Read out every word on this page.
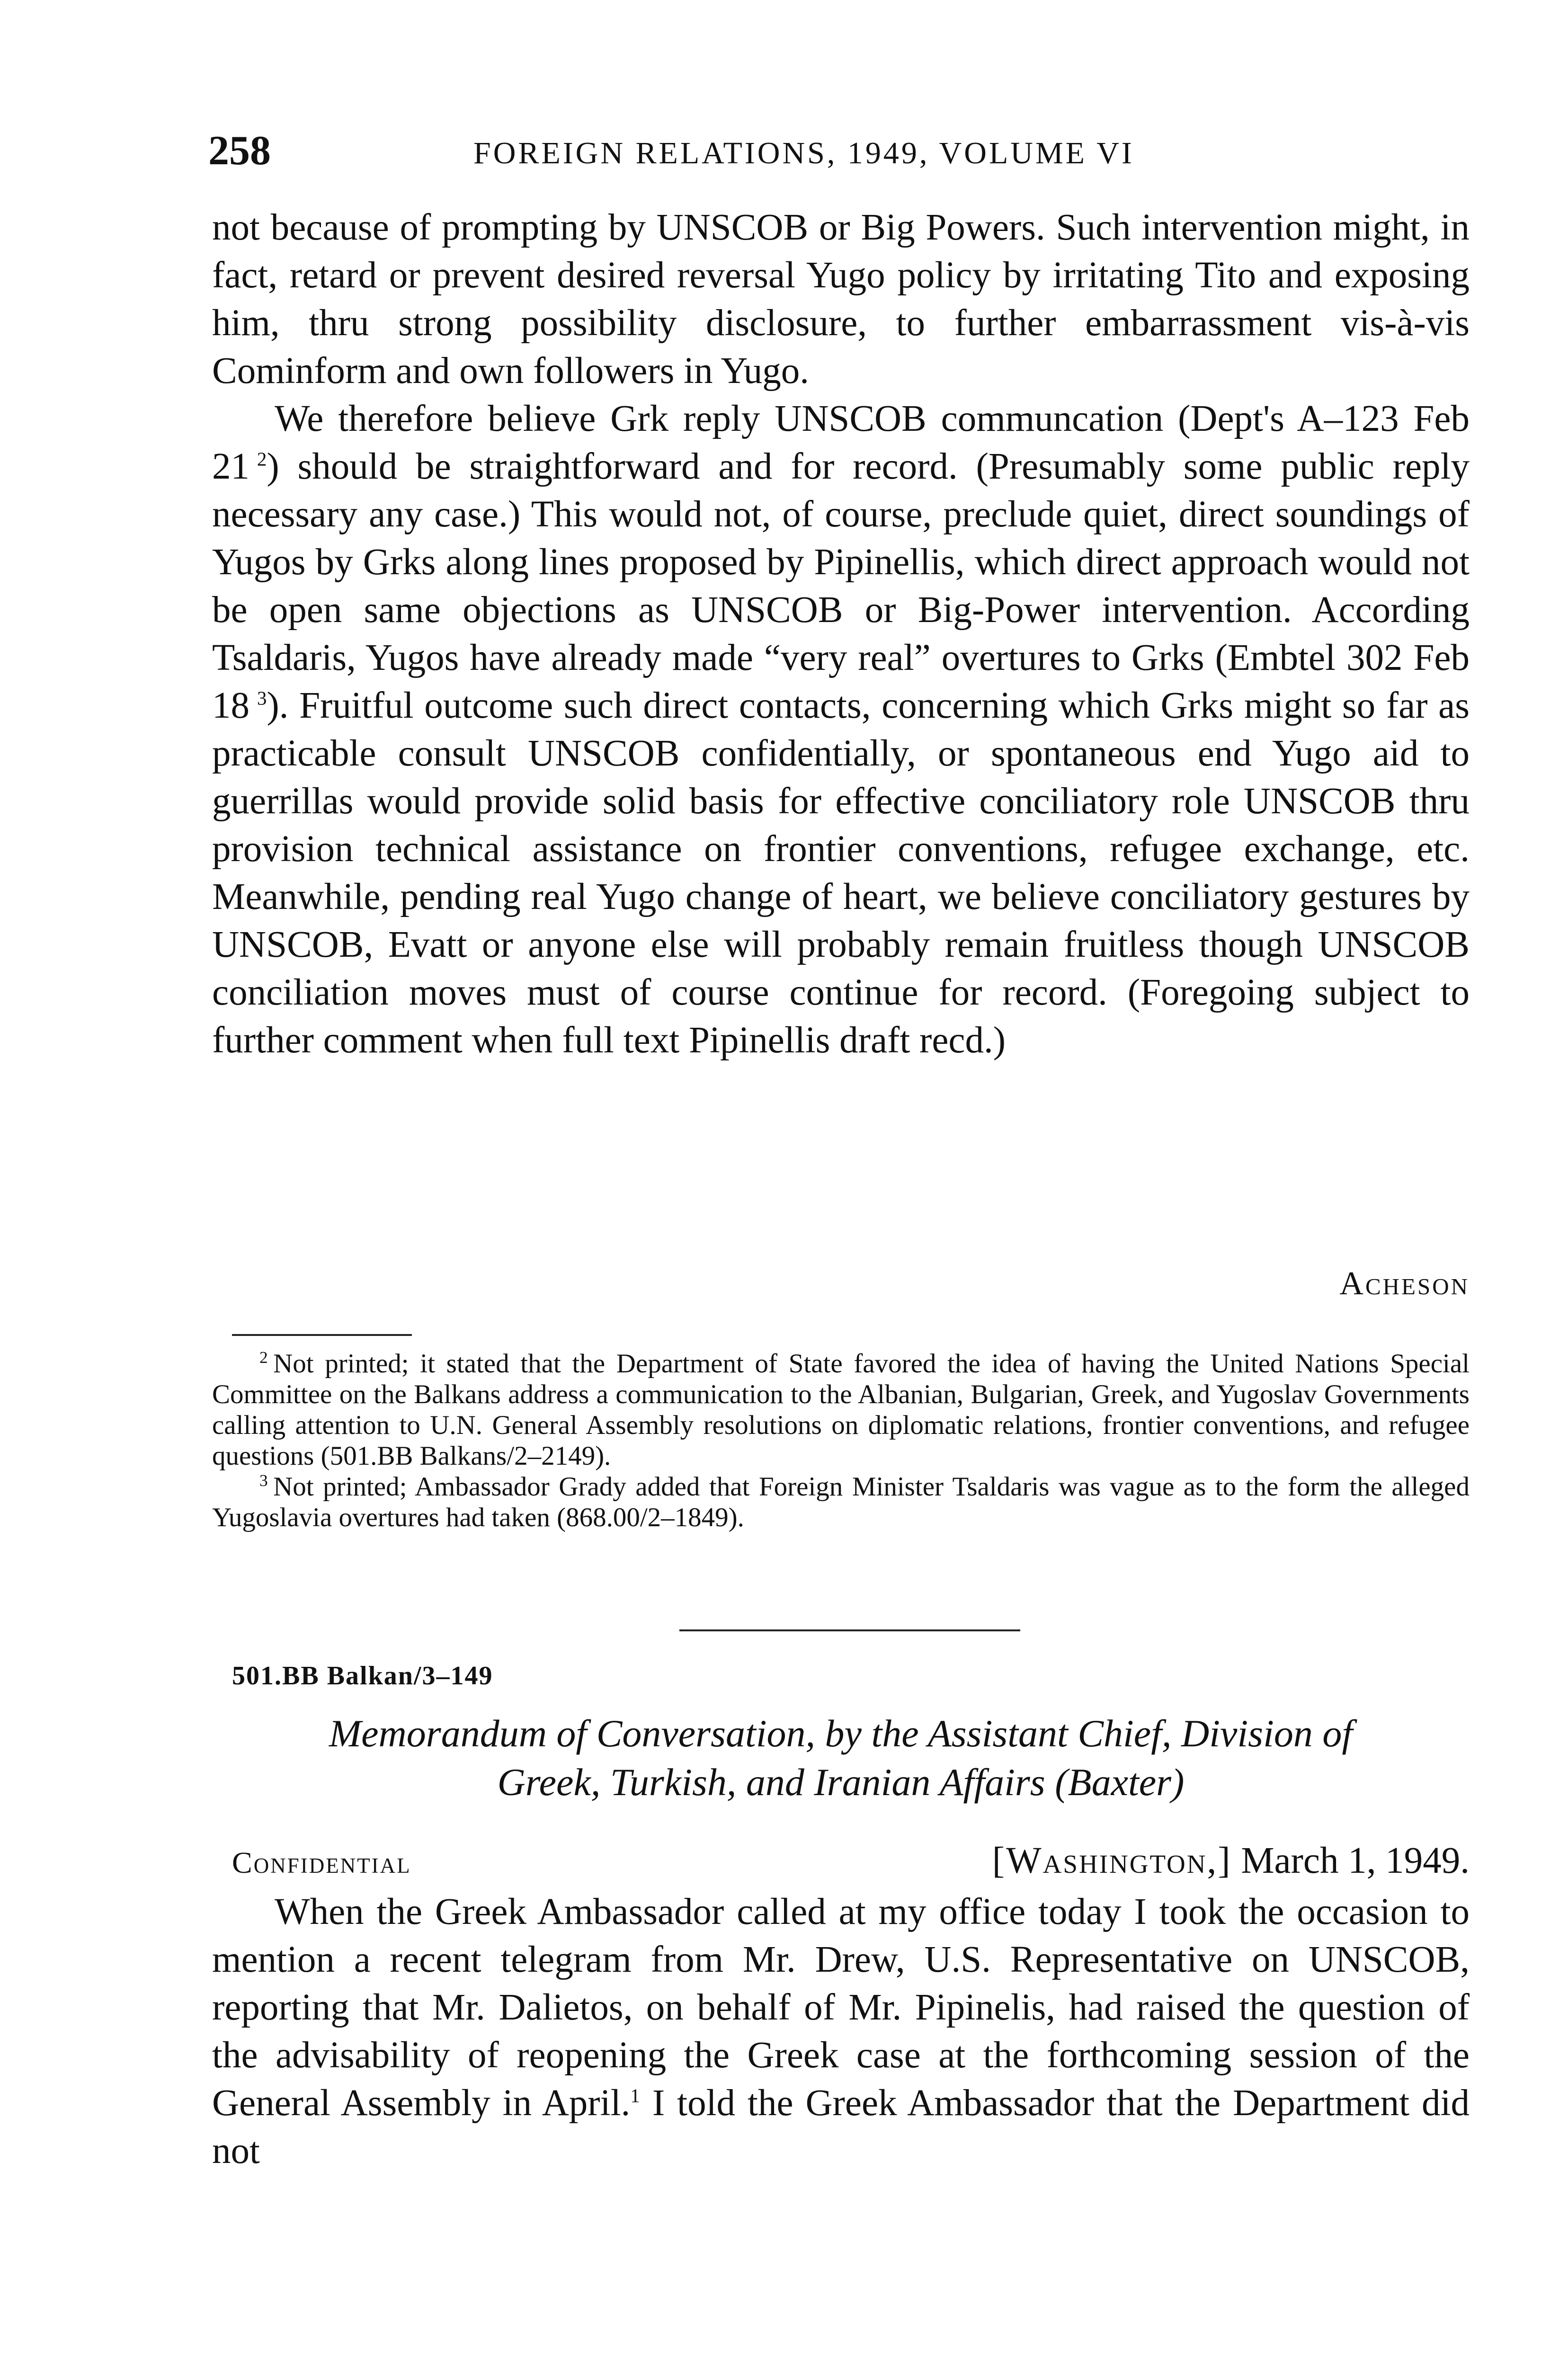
258	FOREIGN RELATIONS, 1949, VOLUME VI

not because of prompting by UNSCOB or Big Powers. Such intervention might, in fact, retard or prevent desired reversal Yugo policy by irritating Tito and exposing him, thru strong possibility disclosure, to further embarrassment vis-à-vis Cominform and own followers in Yugo.

We therefore believe Grk reply UNSCOB communcation (Dept's A–123 Feb 21  $^2$) should be straightforward and for record. (Presumably some public reply necessary any case.) This would not, of course, preclude quiet, direct soundings of Yugos by Grks along lines proposed by Pipinellis, which direct approach would not be open same objections as UNSCOB or Big-Power intervention. According Tsaldaris, Yugos have already made “very real” overtures to Grks (Embtel 302 Feb 18  $^3$). Fruitful outcome such direct contacts, concerning which Grks might so far as practicable consult UNSCOB confidentially, or spontaneous end Yugo aid to guerrillas would provide solid basis for effective conciliatory role UNSCOB thru provision technical assistance on frontier conventions, refugee exchange, etc. Meanwhile, pending real Yugo change of heart, we believe conciliatory gestures by UNSCOB, Evatt or anyone else will probably remain fruitless though UNSCOB conciliation moves must of course continue for record. (Foregoing subject to further comment when full text Pipinellis draft recd.)

Acheson

$^2$  Not printed; it stated that the Department of State favored the idea of having the United Nations Special Committee on the Balkans address a communication to the Albanian, Bulgarian, Greek, and Yugoslav Governments calling attention to U.N. General Assembly resolutions on diplomatic relations, frontier conventions, and refugee questions (501.BB Balkans/2–2149).

$^3$  Not printed; Ambassador Grady added that Foreign Minister Tsaldaris was vague as to the form the alleged Yugoslavia overtures had taken (868.00/2–1849).

501.BB Balkan/3–149
Memorandum of Conversation, by the Assistant Chief, Division of
Greek, Turkish, and Iranian Affairs (Baxter)
Confidential	[Washington,] March 1, 1949.

When the Greek Ambassador called at my office today I took the occasion to mention a recent telegram from Mr. Drew, U.S. Representative on UNSCOB, reporting that Mr. Dalietos, on behalf of Mr. Pipinelis, had raised the question of the advisability of reopening the Greek case at the forthcoming session of the General Assembly in April.$^1$ I told the Greek Ambassador that the Department did not
